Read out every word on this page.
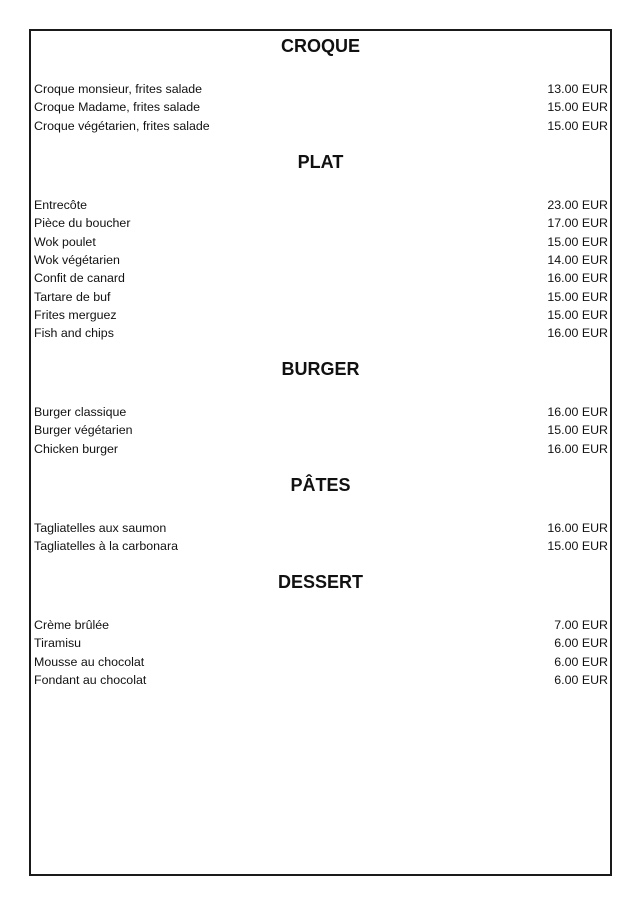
CROQUE
Croque monsieur, frites salade	13.00 EUR
Croque Madame, frites salade	15.00 EUR
Croque végétarien, frites salade	15.00 EUR
PLAT
Entrecôte	23.00 EUR
Pièce du boucher	17.00 EUR
Wok poulet	15.00 EUR
Wok végétarien	14.00 EUR
Confit de canard	16.00 EUR
Tartare de buf	15.00 EUR
Frites merguez	15.00 EUR
Fish and chips	16.00 EUR
BURGER
Burger classique	16.00 EUR
Burger végétarien	15.00 EUR
Chicken burger	16.00 EUR
PÂTES
Tagliatelles aux saumon	16.00 EUR
Tagliatelles à la carbonara	15.00 EUR
DESSERT
Crème brûlée	7.00 EUR
Tiramisu	6.00 EUR
Mousse au chocolat	6.00 EUR
Fondant au chocolat	6.00 EUR
